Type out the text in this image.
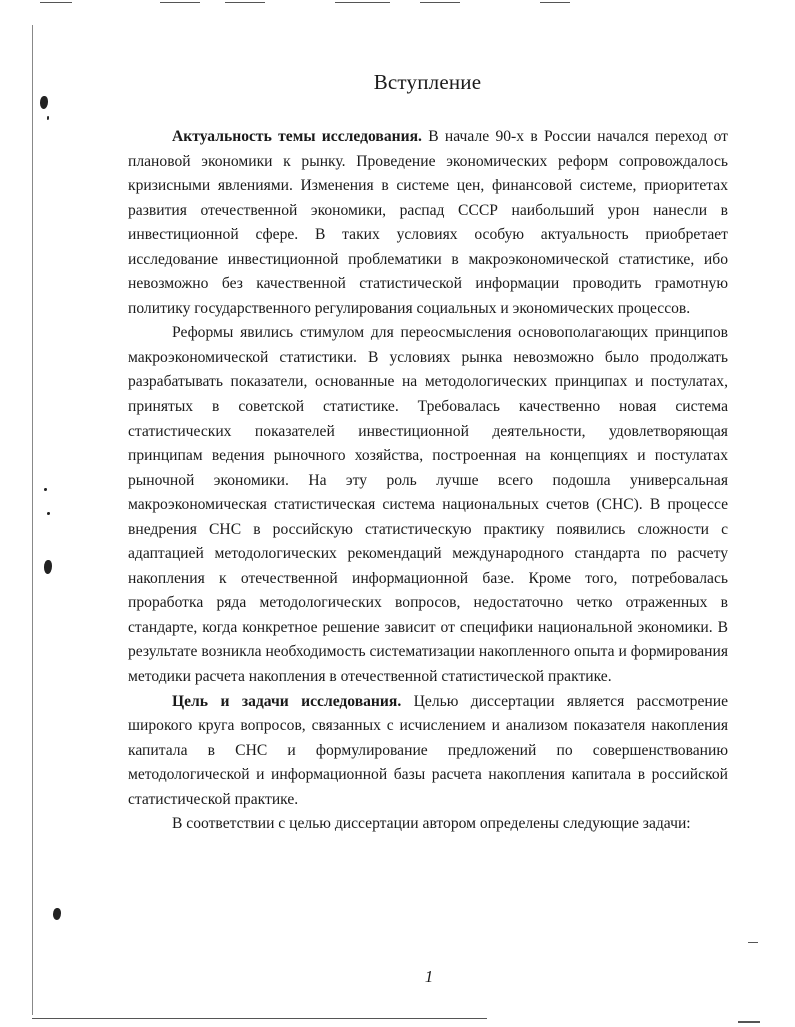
Вступление

Актуальность темы исследования. В начале 90-х в России начался переход от плановой экономики к рынку. Проведение экономических реформ сопровождалось кризисными явлениями. Изменения в системе цен, финансовой системе, приоритетах развития отечественной экономики, распад СССР наибольший урон нанесли в инвестиционной сфере. В таких условиях особую актуальность приобретает исследование инвестиционной проблематики в макроэкономической статистике, ибо невозможно без качественной статистической информации проводить грамотную политику государственного регулирования социальных и экономических процессов.

Реформы явились стимулом для переосмысления основополагающих принципов макроэкономической статистики. В условиях рынка невозможно было продолжать разрабатывать показатели, основанные на методологических принципах и постулатах, принятых в советской статистике. Требовалась качественно новая система статистических показателей инвестиционной деятельности, удовлетворяющая принципам ведения рыночного хозяйства, построенная на концепциях и постулатах рыночной экономики. На эту роль лучше всего подошла универсальная макроэкономическая статистическая система национальных счетов (СНС). В процессе внедрения СНС в российскую статистическую практику появились сложности с адаптацией методологических рекомендаций международного стандарта по расчету накопления к отечественной информационной базе. Кроме того, потребовалась проработка ряда методологических вопросов, недостаточно четко отраженных в стандарте, когда конкретное решение зависит от специфики национальной экономики. В результате возникла необходимость систематизации накопленного опыта и формирования методики расчета накопления в отечественной статистической практике.

Цель и задачи исследования. Целью диссертации является рассмотрение широкого круга вопросов, связанных с исчислением и анализом показателя накопления капитала в СНС и формулирование предложений по совершенствованию методологической и информационной базы расчета накопления капитала в российской статистической практике.

В соответствии с целью диссертации автором определены следующие задачи:

1
